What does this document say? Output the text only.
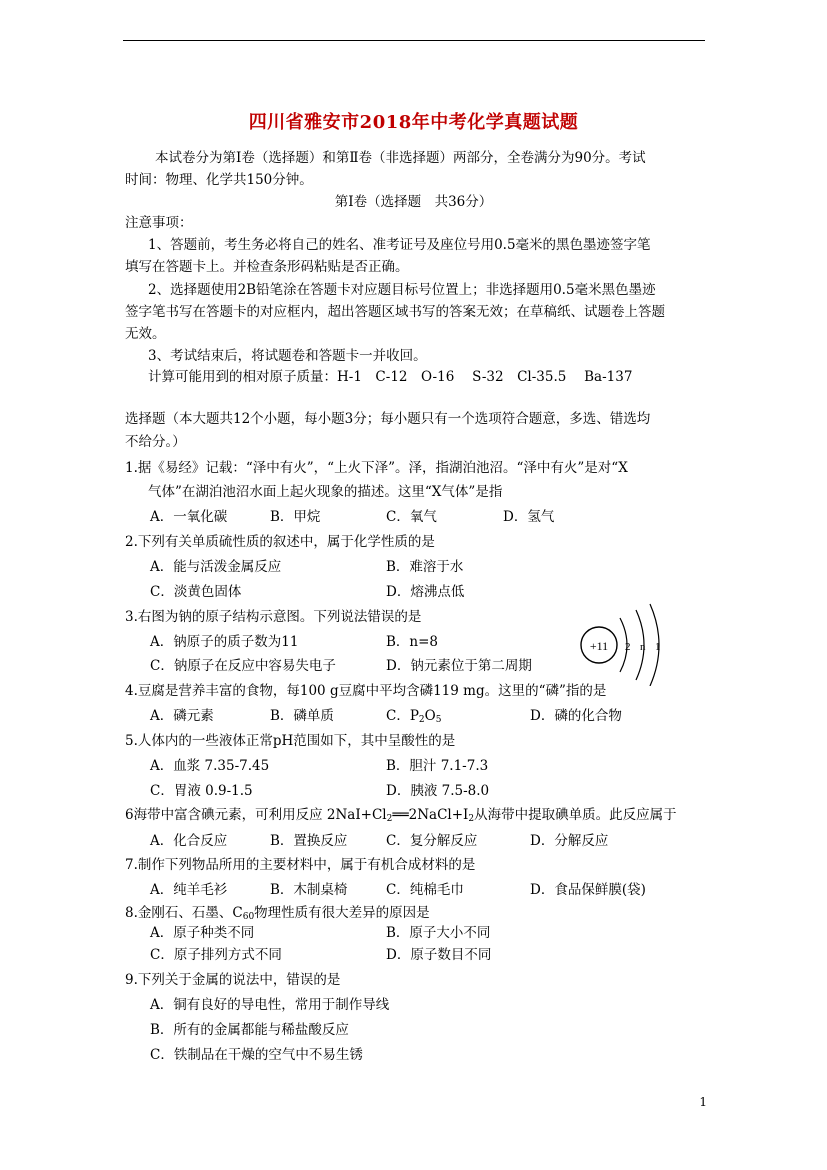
四川省雅安市2018年中考化学真题试题
本试卷分为第Ⅰ卷（选择题）和第Ⅱ卷（非选择题）两部分，全卷满分为90分。考试
时间：物理、化学共150分钟。
第Ⅰ卷（选择题　共36分）
注意事项：
1、答题前，考生务必将自己的姓名、准考证号及座位号用0.5毫米的黑色墨迹签字笔
填写在答题卡上。并检查条形码粘贴是否正确。
2、选择题使用2B铅笔涂在答题卡对应题目标号位置上；非选择题用0.5毫米黑色墨迹
签字笔书写在答题卡的对应框内，超出答题区域书写的答案无效；在草稿纸、试题卷上答题
无效。
3、考试结束后，将试题卷和答题卡一并收回。
计算可能用到的相对原子质量：H-1　C-12　O-16　 S-32　Cl-35.5　 Ba-137
选择题（本大题共12个小题，每小题3分；每小题只有一个选项符合题意，多选、错选均
不给分。）
1.据《易经》记载：“泽中有火”，“上火下泽”。泽，指湖泊池沼。“泽中有火”是对“X
气体”在湖泊池沼水面上起火现象的描述。这里“X气体”是指
A．一氧化碳	B．甲烷	C．氧气	D．氢气
2.下列有关单质硫性质的叙述中，属于化学性质的是
A．能与活泼金属反应	B．难溶于水
C．淡黄色固体	D．熔沸点低
3.右图为钠的原子结构示意图。下列说法错误的是
A．钠原子的质子数为11	B．n=8
C．钠原子在反应中容易失电子	D．钠元素位于第二周期
+11 2 n 1
4.豆腐是营养丰富的食物，每100 g豆腐中平均含磷119 mg。这里的“磷”指的是
A．磷元素	B．磷单质	C．$P_2O_5$	D．磷的化合物
5.人体内的一些液体正常pH范围如下，其中呈酸性的是
A．血浆 7.35-7.45	B．胆汁 7.1-7.3
C．胃液 0.9-1.5	D．胰液 7.5-8.0
6海带中富含碘元素，可利用反应 $2NaI+Cl_2══2NaCl+I_2$从海带中提取碘单质。此反应属于
A．化合反应	B．置换反应	C．复分解反应	D．分解反应
7.制作下列物品所用的主要材料中，属于有机合成材料的是
A．纯羊毛衫	B．木制桌椅	C．纯棉毛巾	D．食品保鲜膜(袋)
8.金刚石、石墨、$C_{60}$物理性质有很大差异的原因是
A．原子种类不同	B．原子大小不同
C．原子排列方式不同	D．原子数目不同
9.下列关于金属的说法中，错误的是
A．铜有良好的导电性，常用于制作导线
B．所有的金属都能与稀盐酸反应
C．铁制品在干燥的空气中不易生锈
1
